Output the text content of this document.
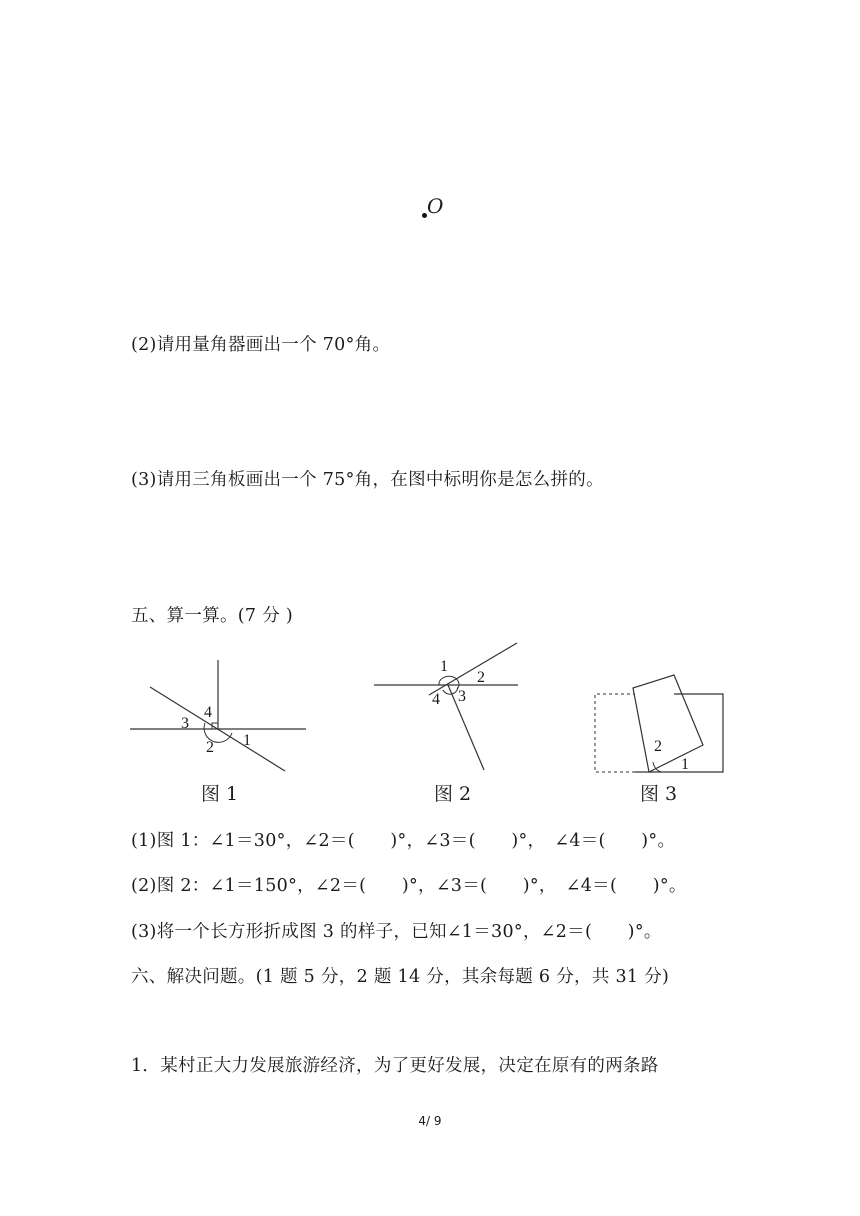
O
(2)请用量角器画出一个 70°角。
(3)请用三角板画出一个 75°角，在图中标明你是怎么拼的。
五、算一算。(7 分 )
1
2
3
4
图 1
1
2
3
4
图 2
1
2
图 3
(1)图 1：∠1＝30°，∠2＝(　　)°，∠3＝(　　)°，　∠4＝(　　)°。
(2)图 2：∠1＝150°，∠2＝(　　)°，∠3＝(　　)°，　∠4＝(　　)°。
(3)将一个长方形折成图 3 的样子，已知∠1＝30°，∠2＝(　　)°。
六、解决问题。(1 题 5 分，2 题 14 分，其余每题 6 分，共 31 分)
1．某村正大力发展旅游经济，为了更好发展，决定在原有的两条路
4/ 9
